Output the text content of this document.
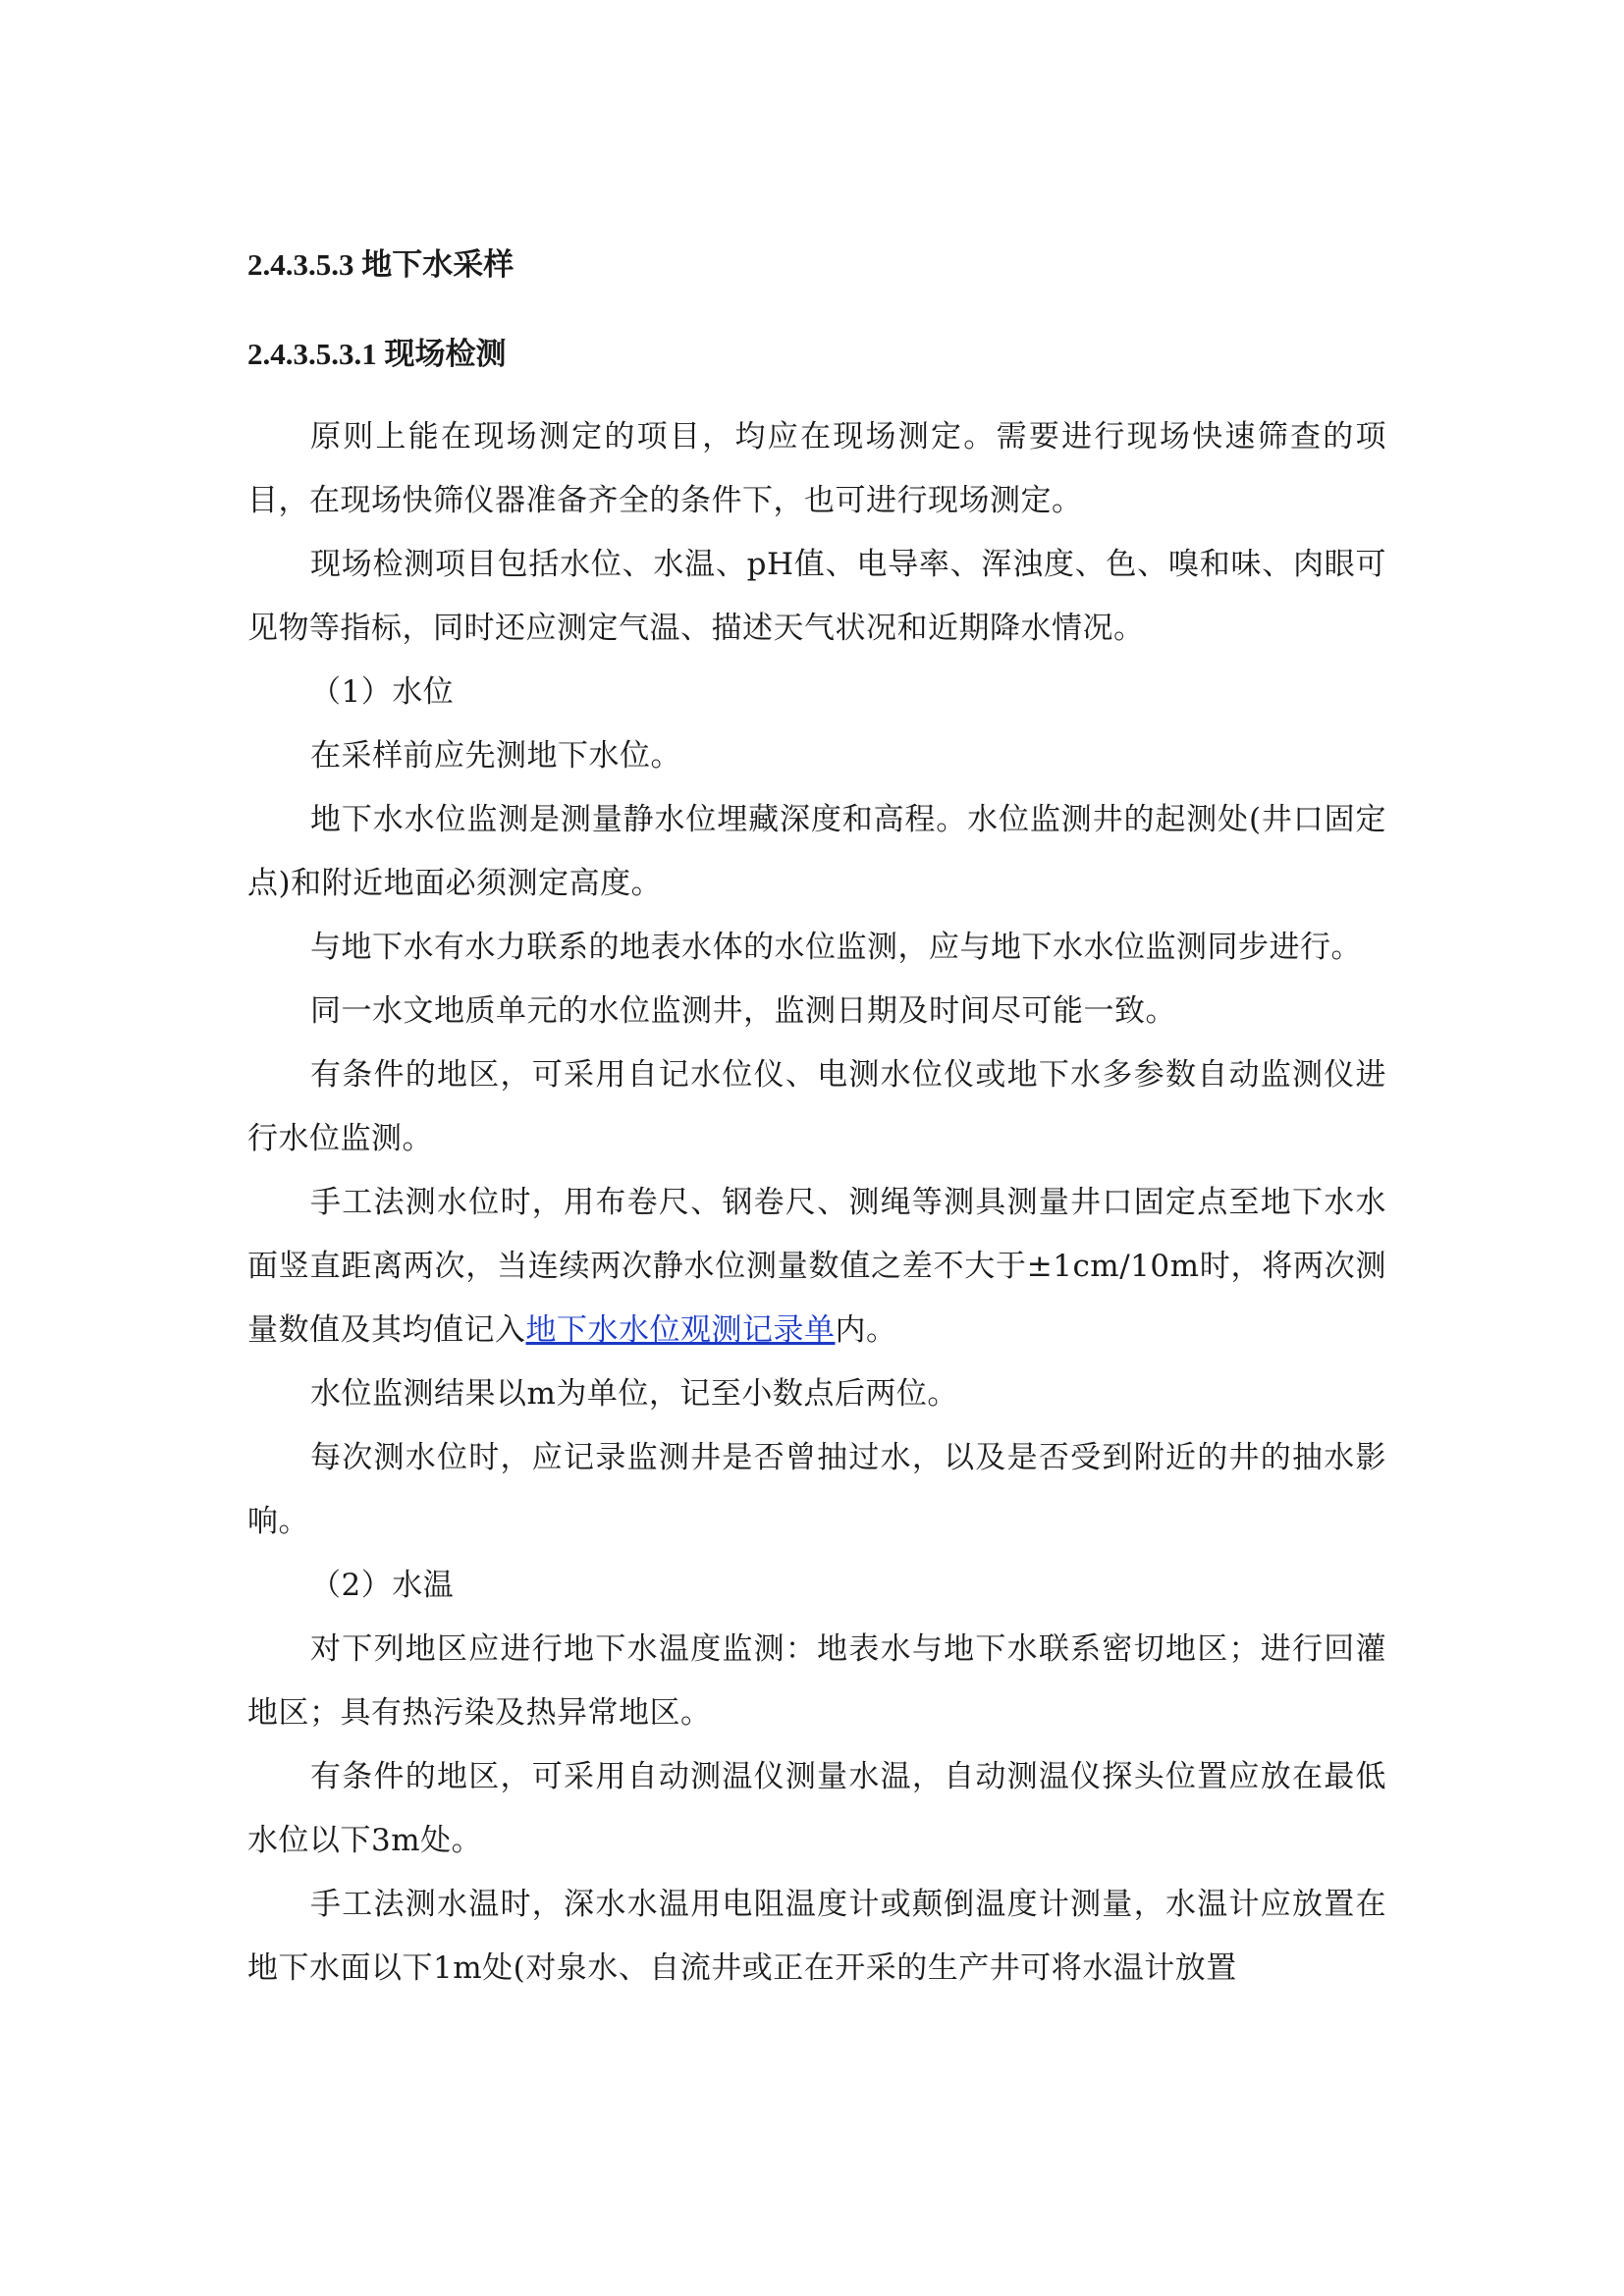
2.4.3.5.3 地下水采样

2.4.3.5.3.1 现场检测

原则上能在现场测定的项目，均应在现场测定。需要进行现场快速筛查的项目，在现场快筛仪器准备齐全的条件下，也可进行现场测定。

现场检测项目包括水位、水温、pH值、电导率、浑浊度、色、嗅和味、肉眼可见物等指标，同时还应测定气温、描述天气状况和近期降水情况。

（1）水位

在采样前应先测地下水位。

地下水水位监测是测量静水位埋藏深度和高程。水位监测井的起测处(井口固定点)和附近地面必须测定高度。

与地下水有水力联系的地表水体的水位监测，应与地下水水位监测同步进行。

同一水文地质单元的水位监测井，监测日期及时间尽可能一致。

有条件的地区，可采用自记水位仪、电测水位仪或地下水多参数自动监测仪进行水位监测。

手工法测水位时，用布卷尺、钢卷尺、测绳等测具测量井口固定点至地下水水面竖直距离两次，当连续两次静水位测量数值之差不大于±1cm/10m时，将两次测量数值及其均值记入地下水水位观测记录单内。

水位监测结果以m为单位，记至小数点后两位。

每次测水位时，应记录监测井是否曾抽过水，以及是否受到附近的井的抽水影响。

（2）水温

对下列地区应进行地下水温度监测：地表水与地下水联系密切地区；进行回灌地区；具有热污染及热异常地区。

有条件的地区，可采用自动测温仪测量水温，自动测温仪探头位置应放在最低水位以下3m处。

手工法测水温时，深水水温用电阻温度计或颠倒温度计测量，水温计应放置在地下水面以下1m处(对泉水、自流井或正在开采的生产井可将水温计放置
